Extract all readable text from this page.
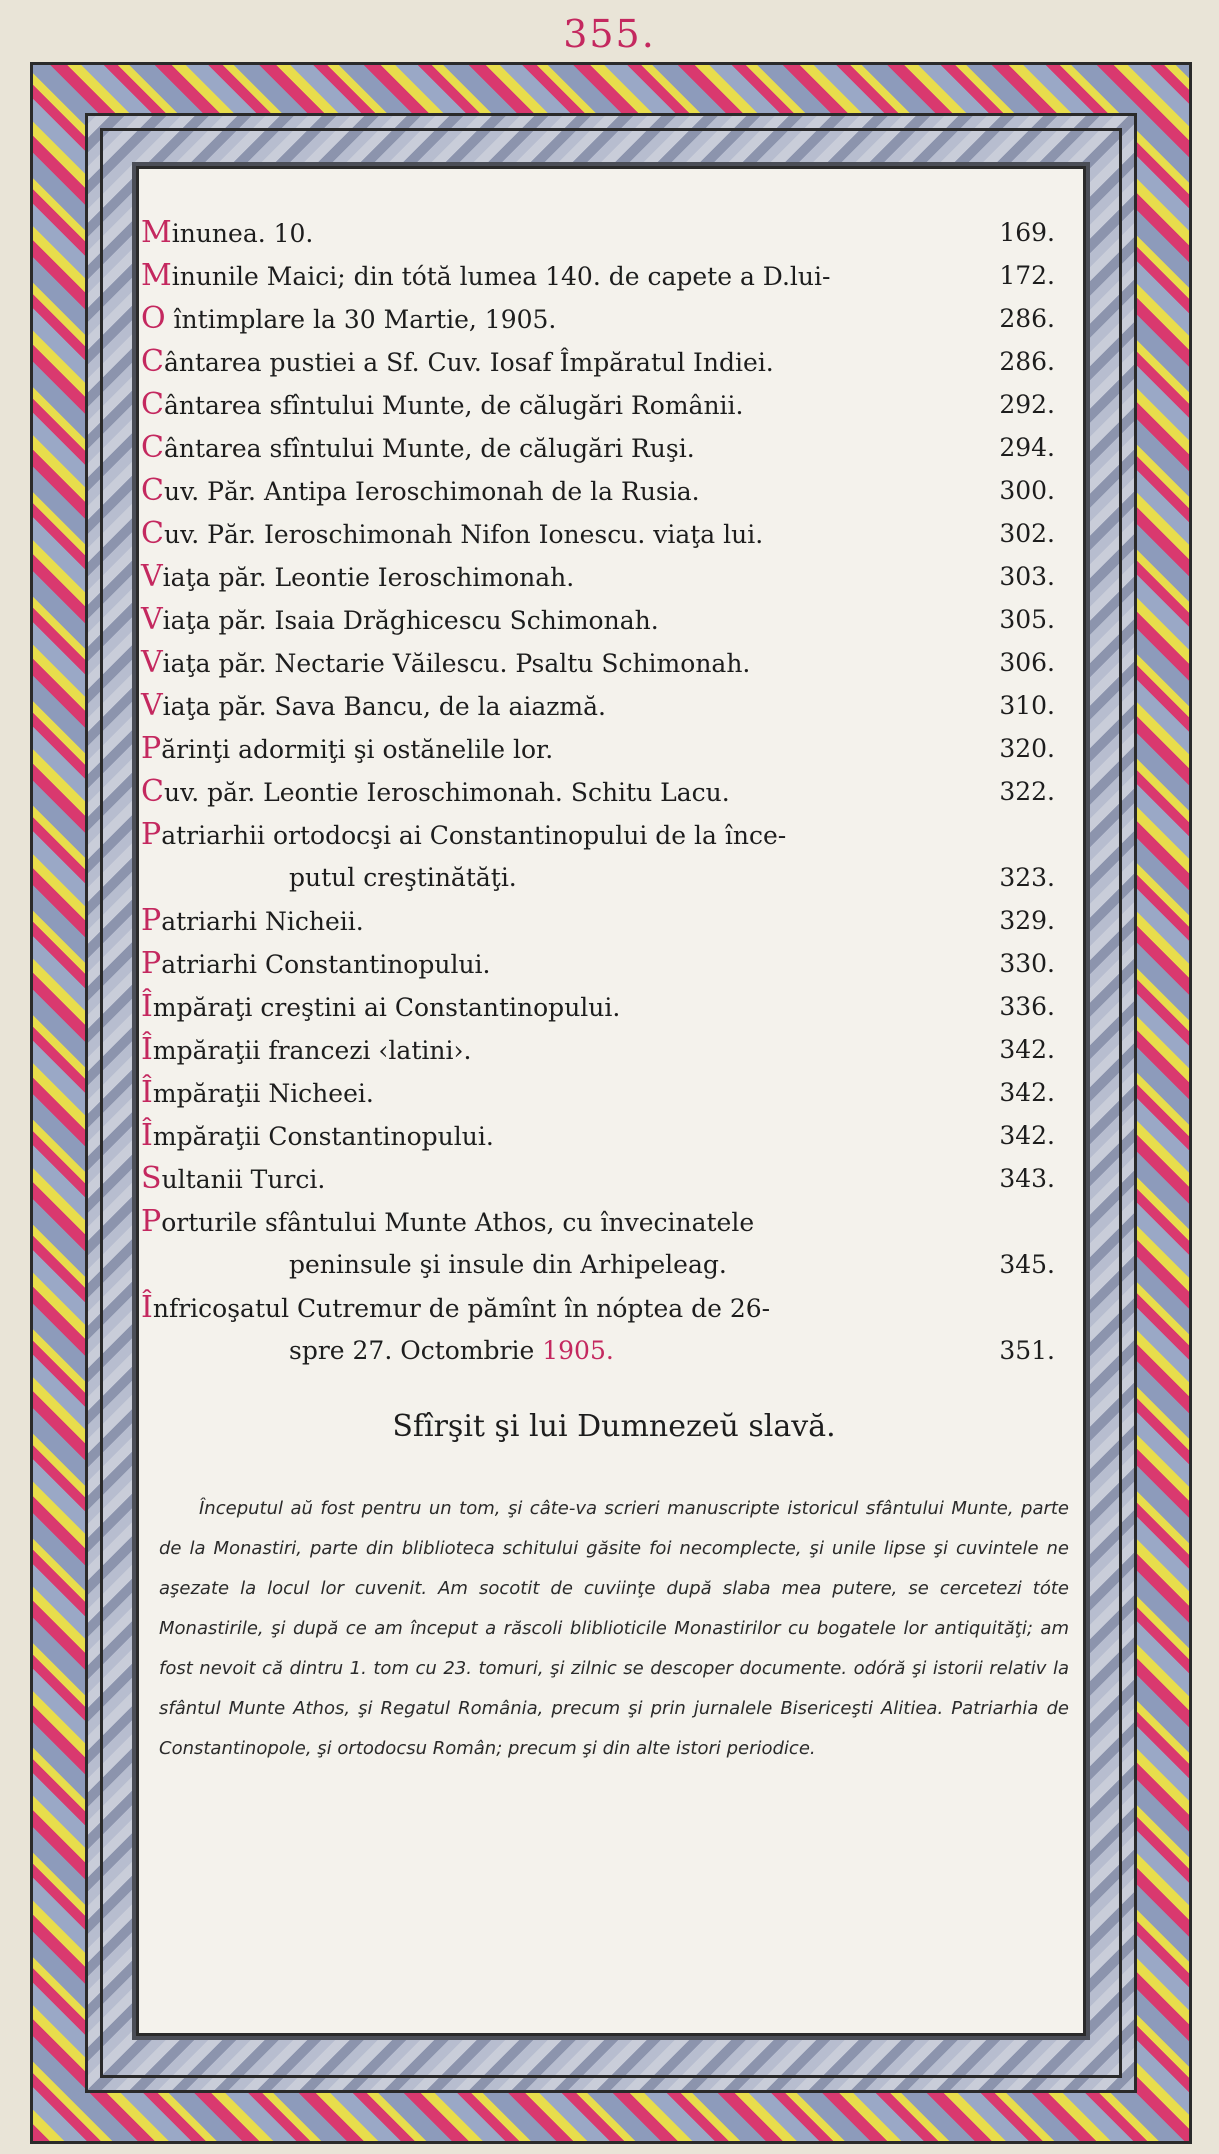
355.
Minunea. 10.	169.
Minunile Maici; din tótă lumea 140. de capete a D.lui-	172.
O întimplare la 30 Martie, 1905.	286.
Cântarea pustiei a Sf. Cuv. Iosaf Împăratul Indiei.	286.
Cântarea sfîntului Munte, de călugări Românii.	292.
Cântarea sfîntului Munte, de călugări Ruşi.	294.
Cuv. Păr. Antipa Ieroschimonah de la Rusia.	300.
Cuv. Păr. Ieroschimonah Nifon Ionescu. viaţa lui.	302.
Viaţa păr. Leontie Ieroschimonah.	303.
Viaţa păr. Isaia Drăghicescu Schimonah.	305.
Viaţa păr. Nectarie Văilescu. Psaltu Schimonah.	306.
Viaţa păr. Sava Bancu, de la aiazmă.	310.
Părinţi adormiţi şi ostănelile lor.	320.
Cuv. păr. Leontie Ieroschimonah. Schitu Lacu.	322.
Patriarhii ortodocşi ai Constantinopului de la înce-
putul creştinătăţi.	323.
Patriarhi Nicheii.	329.
Patriarhi Constantinopului.	330.
Împăraţi creştini ai Constantinopului.	336.
Împăraţii francezi ‹latini›.	342.
Împăraţii Nicheei.	342.
Împăraţii Constantinopului.	342.
Sultanii Turci.	343.
Porturile sfântului Munte Athos, cu învecinatele
peninsule şi insule din Arhipeleag.	345.
Înfricoşatul Cutremur de pămînt în nóptea de 26-
spre 27. Octombrie 1905.	351.
Sfîrşit şi lui Dumnezeŭ slavă.

Începutul aŭ fost pentru un tom, şi câte-va scrieri manuscripte istoricul sfântului Munte, parte de la Monastiri, parte din bliblioteca schitului găsite foi necomplecte, şi unile lipse şi cuvintele ne aşezate la locul lor cuvenit. Am socotit de cuviinţe după slaba mea putere, se cercetezi tóte Monastirile, şi după ce am început a răscoli bliblioticile Monastirilor cu bogatele lor antiquităţi; am fost nevoit că dintru 1. tom cu 23. tomuri, şi zilnic se descoper documente. odóră şi istorii relativ la sfântul Munte Athos, şi Regatul România, precum şi prin jurnalele Bisericeşti Alitiea. Patriarhia de Constantinopole, şi ortodocsu Român; precum şi din alte istori periodice.
